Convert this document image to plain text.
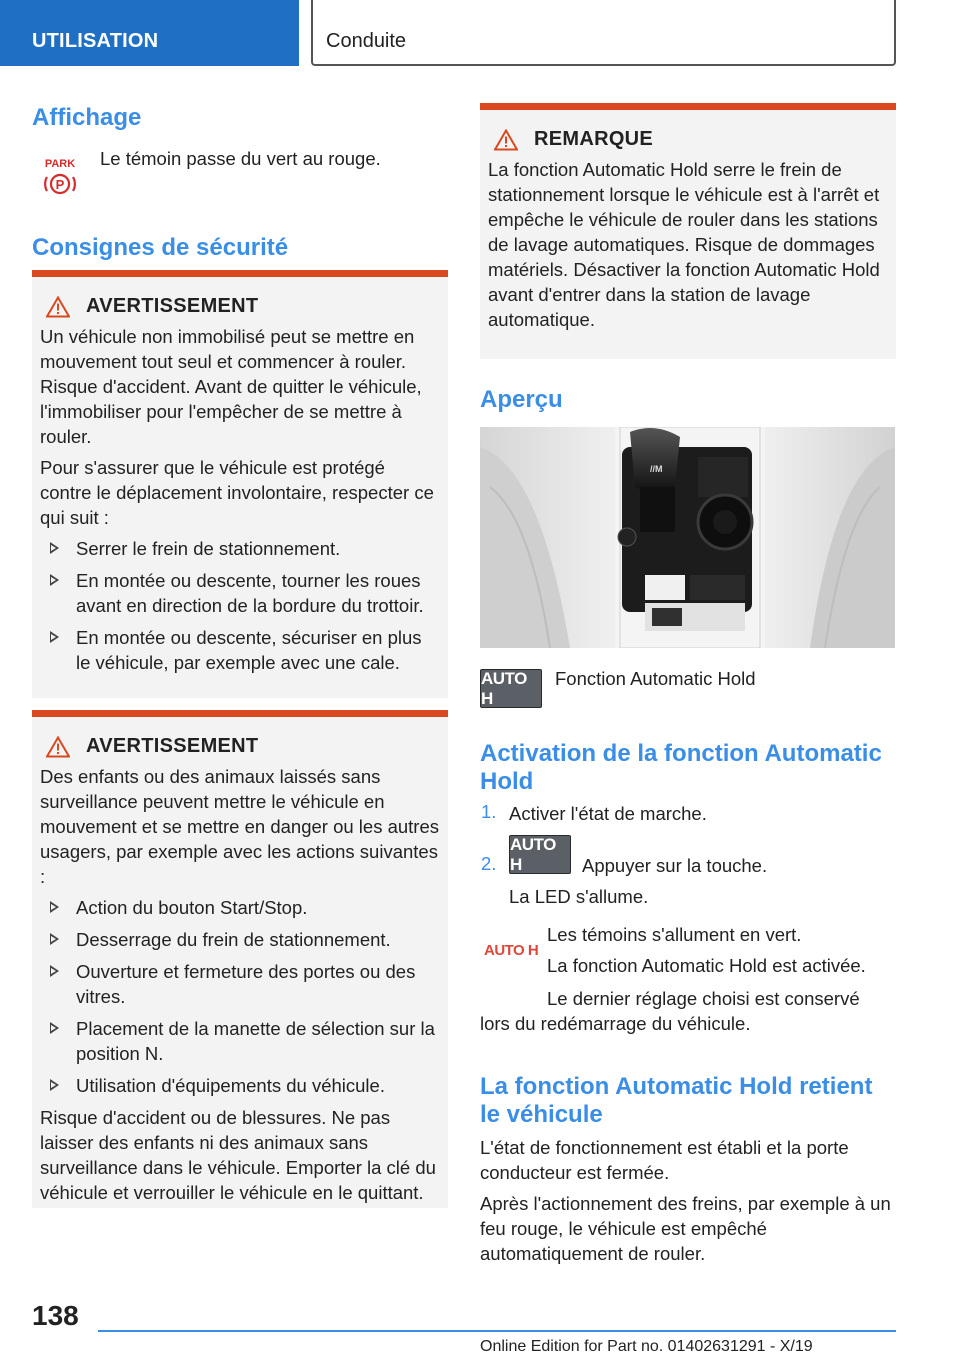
UTILISATION	Conduite
Affichage
PARK
P

Le témoin passe du vert au rouge.

Consignes de sécurité
AVERTISSEMENT

Un véhicule non immobilisé peut se mettre en mouvement tout seul et commencer à rouler. Risque d'accident. Avant de quitter le véhicule, l'immobiliser pour l'empêcher de se mettre à rouler.

Pour s'assurer que le véhicule est protégé contre le déplacement involontaire, respecter ce qui suit :

Serrer le frein de stationnement.
En montée ou descente, tourner les roues avant en direction de la bordure du trottoir.
En montée ou descente, sécuriser en plus le véhicule, par exemple avec une cale.
AVERTISSEMENT

Des enfants ou des animaux laissés sans surveillance peuvent mettre le véhicule en mouvement et se mettre en danger ou les autres usagers, par exemple avec les actions suivantes :

Action du bouton Start/Stop.
Desserrage du frein de stationnement.
Ouverture et fermeture des portes ou des vitres.
Placement de la manette de sélection sur la position N.
Utilisation d'équipements du véhicule.

Risque d'accident ou de blessures. Ne pas laisser des enfants ni des animaux sans surveillance dans le véhicule. Emporter la clé du véhicule et verrouiller le véhicule en le quittant.

REMARQUE

La fonction Automatic Hold serre le frein de stationnement lorsque le véhicule est à l'arrêt et empêche le véhicule de rouler dans les stations de lavage automatiques. Risque de dommages matériels. Désactiver la fonction Automatic Hold avant d'entrer dans la station de lavage automatique.

Aperçu
//M
AUTO H

Fonction Automatic Hold

Activation de la fonction Automatic Hold
1. Activer l'état de marche.

2.
AUTO H	Appuyer sur la touche.

La LED s'allume.

AUTO H

Les témoins s'allument en vert.

La fonction Automatic Hold est activée.

Le dernier réglage choisi est conservé lors du redémarrage du véhicule.

La fonction Automatic Hold retient le véhicule

L'état de fonctionnement est établi et la porte conducteur est fermée.

Après l'actionnement des freins, par exemple à un feu rouge, le véhicule est empêché automatiquement de rouler.

138
Online Edition for Part no. 01402631291 - X/19
